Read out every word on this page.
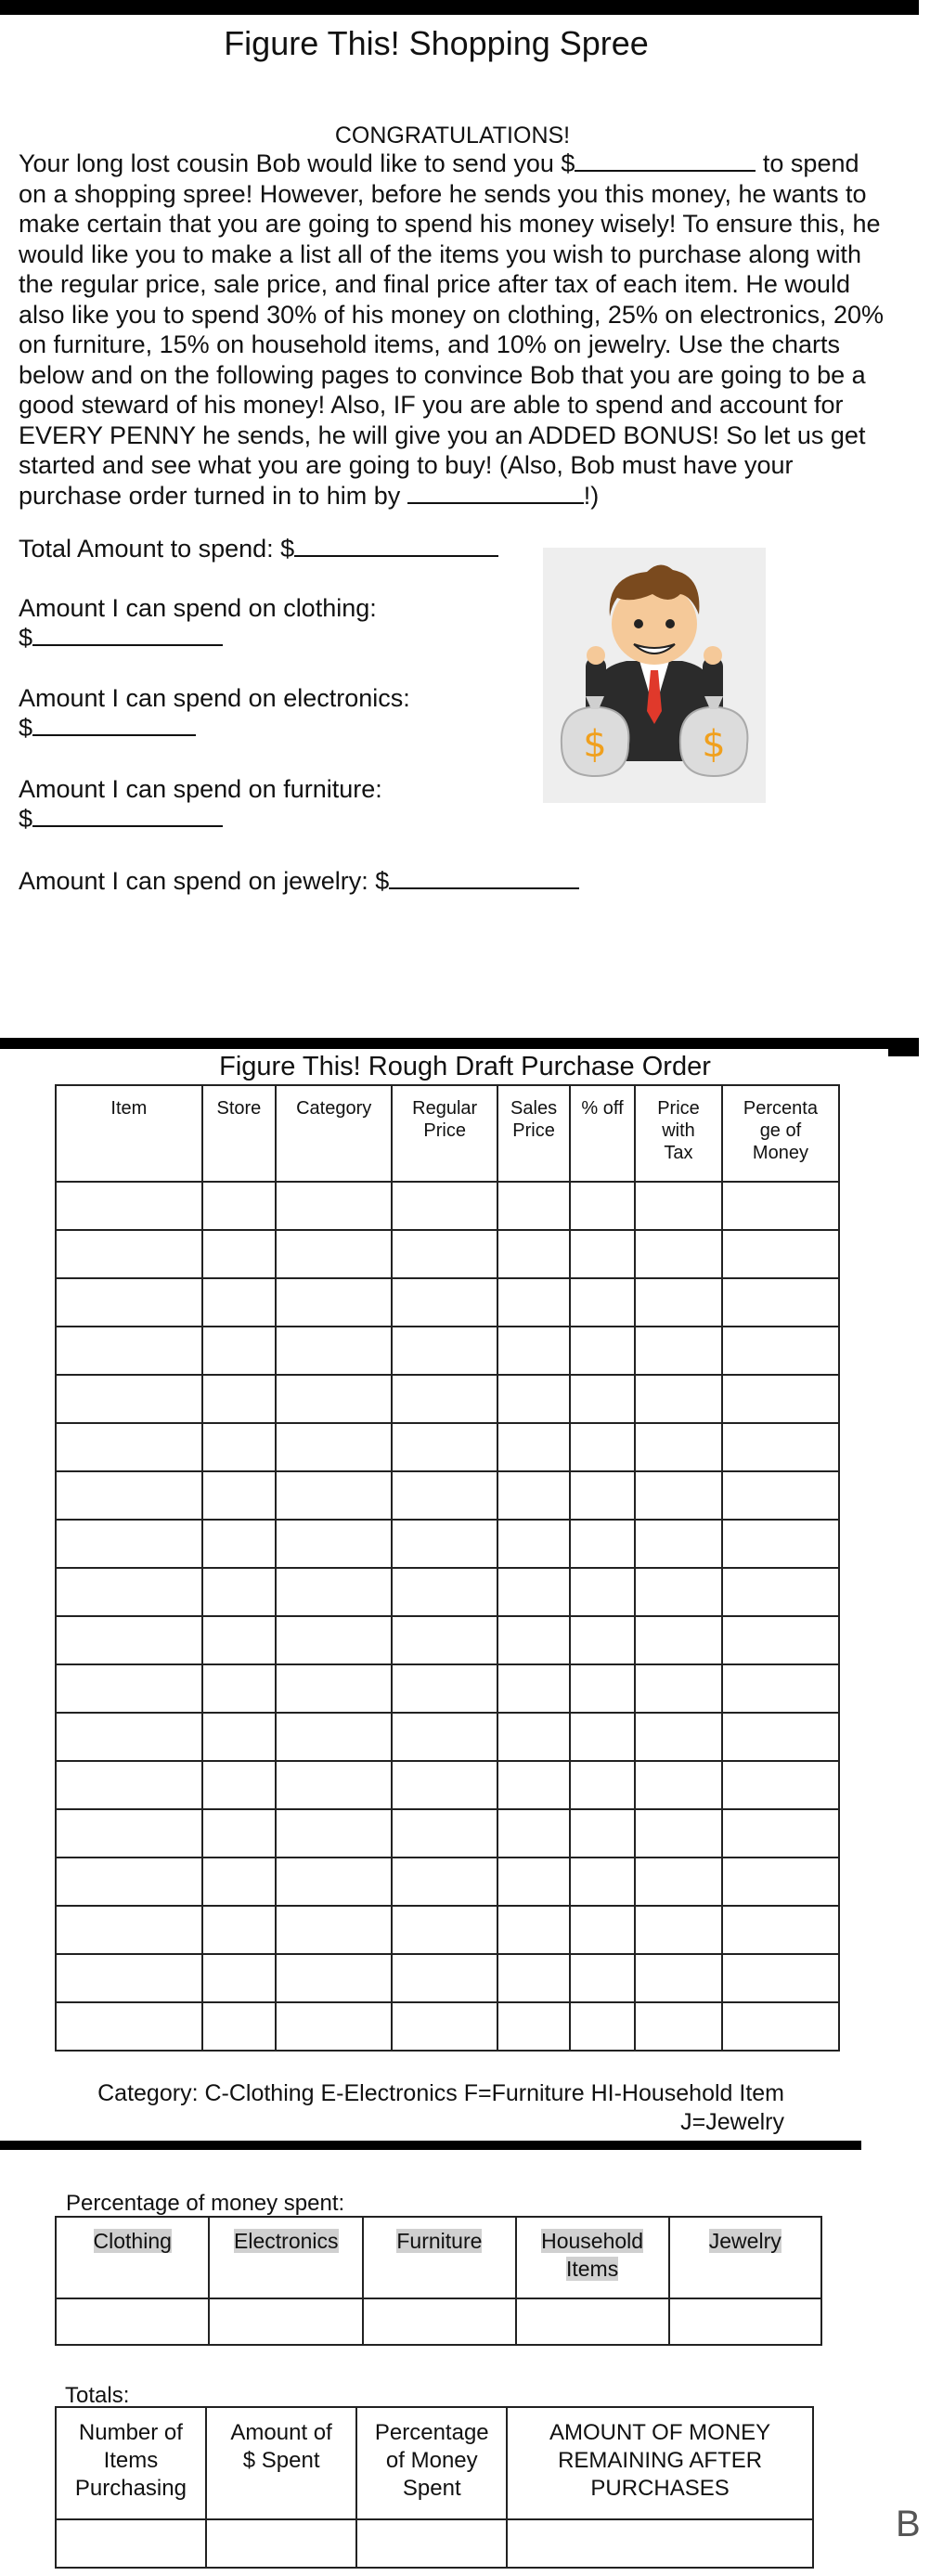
Figure This! Shopping Spree
CONGRATULATIONS!
Your long lost cousin Bob would like to send you $	to spend
on a shopping spree! However, before he sends you this money, he wants to
make certain that you are going to spend his money wisely! To ensure this, he
would like you to make a list all of the items you wish to purchase along with
the regular price, sale price, and final price after tax of each item. He would
also like you to spend 30% of his money on clothing, 25% on electronics, 20%
on furniture, 15% on household items, and 10% on jewelry. Use the charts
below and on the following pages to convince Bob that you are going to be a
good steward of his money! Also, IF you are able to spend and account for
EVERY PENNY he sends, he will give you an ADDED BONUS! So let us get
started and see what you are going to buy! (Also, Bob must have your
purchase order turned in to him by	!)
Total Amount to spend: $
Amount I can spend on clothing:
$
Amount I can spend on electronics:
$
Amount I can spend on furniture:
$
Amount I can spend on jewelry: $
$	$
Figure This! Rough Draft Purchase Order
Item	Store	Category	Regular Price	Sales Price	% off	Price with Tax	Percenta ge of Money

Category: C-Clothing E-Electronics F=Furniture HI-Household Item
J=Jewelry
Percentage of money spent:
Clothing	Electronics	Furniture	Household Items	Jewelry

Totals:
Number of Items Purchasing	Amount of $ Spent	Percentage of Money Spent	AMOUNT OF MONEY REMAINING AFTER PURCHASES

B
